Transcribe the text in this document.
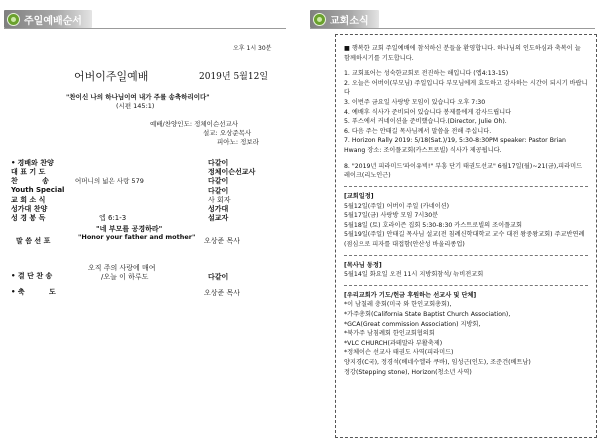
주일예배순서	교회소식
오후 1시 30분
어버이주일예배	2019년 5월12일
"찬이신 나의 하나님이여 내가 주를 송축하리이다"
(시편 145:1)
예배/찬양인도: 정체이슨선교사
설교: 오상준목사
피아노: 정보라
• 경배와 찬양	다같이
대 표 기 도	정체이슨선교사
찬          송	어머니의 넓은 사랑 579	다같이
Youth Special	다같이
교 회 소 식	사 회자
성가대 찬양	성가대
성 경 봉 독	엡 6:1-3	설교자
"네 부모를 공경하라"
"Honor your father and mother"
말 씀 선 포	오상준 목사
오직 주의 사랑에 매여
• 결 단 찬 송	/오늘 이 하루도	다같이
• 축          도	오상준 목사

■ 행복한 교회 주일예배에 참석하신 분들을 환영합니다. 하나님의 인도하심과 축복이 늘 함께하시기를 기도합니다.

1. 교회표어는 성숙한교회로 전진하는 해입니다 (엡4:13-15)

2. 오늘은 어버이(부모님) 주일입니다 부모님에게 효도하고 감사하는 시간이 되시기 바랍니다

3. 이번주 금요일 사랑방 모임이 있습니다 오후 7:30

4. 예배후 식사가 준비되어 있습니다 봉제를에게 감사드립니다

5. 푸스에서 커네이션을 준비했습니다.(Director, Julie Oh).

6. 다음 주는 안태길 목사님께서 말씀을 전해 주십니다.

7. Horizon Rally 2019: 5/18(Sat.)/19, 5:30-8:30PM speaker: Pastor Brian Hwang 장소: 조이플교회(카스트로빌) 식사가 제공됩니다.

8. "2019년 피라미드'파이유빅!" 부흥 단기 태권도선교" 6월17일(월)~21(금),피라미드레이크(리노인근)

[교회일정]

5월12일(주일) 어버이 주일 (카네이션)

5월17일(금) 사랑방 모임 7시30분

5월18일 (토) 호라이즌 집회 5:30-8:30 카스트로빌의 조이플교회

5월19일(주일) 안태길 목사님 설교(전 침례신학대학교 교수 대전 왕중왕교회) 주교반연례(점심으로 피자를 대접함(안산성 바울리종업)

[목사님 동정]

5월14일 화요일 오전 11시 지방회참석/ 뉴비전교회

[우리교회가 기도/헌금 후원하는 선교사 및 단체]

*이 남칠레 충회(미국 와 한인교회총회),

*가주총회(California State Baptist Church Association),

*GCA(Great commission Association) 지방회,

*북가주 남침례회 한인교회협의회

*VLC CHURCH(과테말라 부활축제)

*정체이슨 선교사 태권도 사역(피라미드)

양지경(C국), 정경석(베네수엘라 쿠바), 임성근(인도), 조준건(베트남)

정강(Stepping stone), Horizon(청소년 사역)
